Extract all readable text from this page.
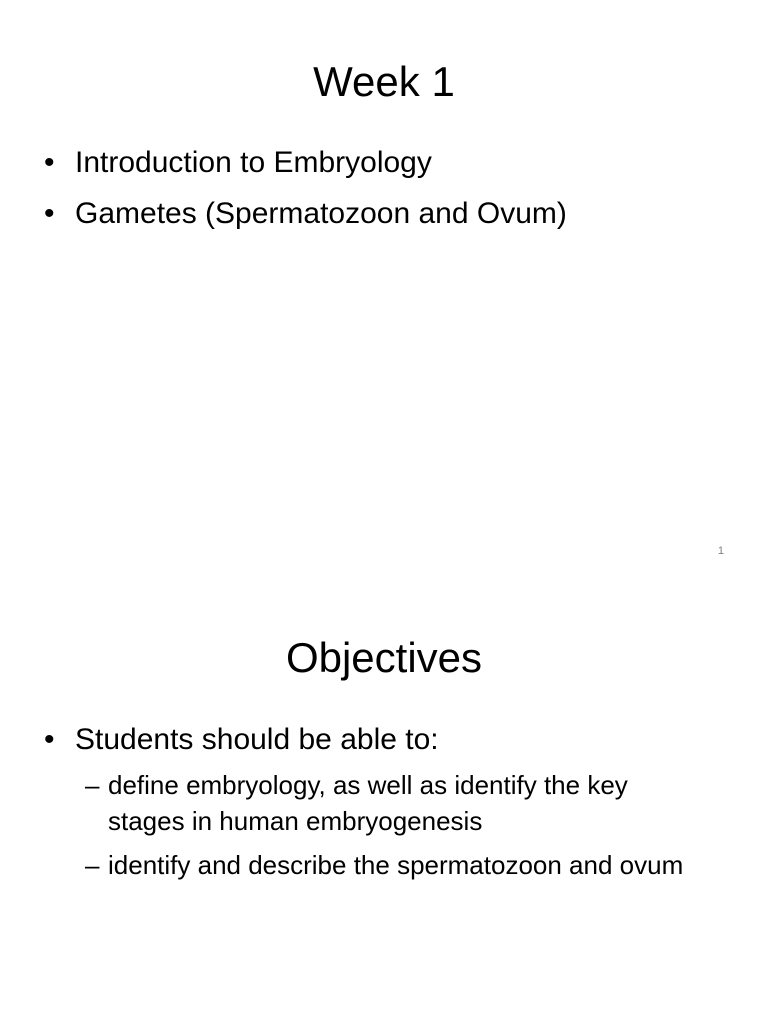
Week 1
• Introduction to Embryology
• Gametes (Spermatozoon and Ovum)
1
Objectives
• Students should be able to:
– define embryology, as well as identify the key stages in human embryogenesis
– identify and describe the spermatozoon and ovum
